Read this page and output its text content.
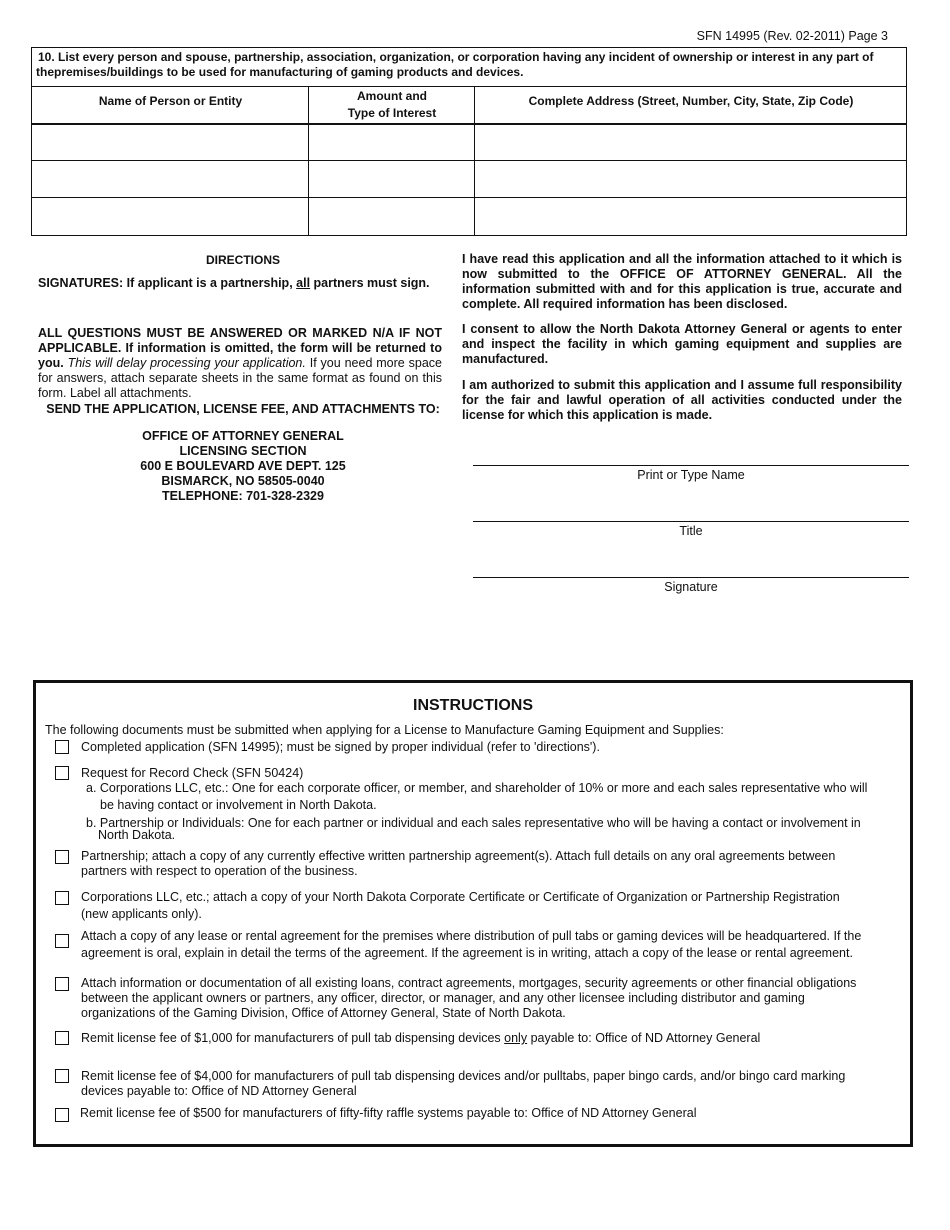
SFN 14995 (Rev. 02-2011) Page 3
10. List every person and spouse, partnership, association, organization, or corporation having any incident of ownership or interest in any part of
thepremises/buildings to be used for manufacturing of gaming products and devices.
Name of Person or Entity	Amount and
Type of Interest
Complete Address (Street, Number, City, State, Zip Code)
DIRECTIONS
SIGNATURES: If applicant is a partnership, all partners must sign.
ALL QUESTIONS MUST BE ANSWERED OR MARKED N/A IF NOT APPLICABLE. If information is omitted, the form will be returned to you. This will delay processing your application. If you need more space for answers, attach separate sheets in the same format as found on this form. Label all attachments.
SEND THE APPLICATION, LICENSE FEE, AND ATTACHMENTS TO:
OFFICE OF ATTORNEY GENERAL
LICENSING SECTION
600 E BOULEVARD AVE DEPT. 125
BISMARCK, NO 58505-0040
TELEPHONE: 701-328-2329
I have read this application and all the information attached to it which is now submitted to the OFFICE OF ATTORNEY GENERAL. All the information submitted with and for this application is true, accurate and complete. All required information has been disclosed.
I consent to allow the North Dakota Attorney General or agents to enter and inspect the facility in which gaming equipment and supplies are manufactured.
I am authorized to submit this application and I assume full responsibility for the fair and lawful operation of all activities conducted under the license for which this application is made.
Print or Type Name
Title
Signature
INSTRUCTIONS
The following documents must be submitted when applying for a License to Manufacture Gaming Equipment and Supplies:
Completed application (SFN 14995); must be signed by proper individual (refer to 'directions').
Request for Record Check (SFN 50424)
a. Corporations LLC, etc.: One for each corporate officer, or member, and shareholder of 10% or more and each sales representative who will
be having contact or involvement in North Dakota.
b. Partnership or Individuals: One for each partner or individual and each sales representative who will be having a contact or involvement in
North Dakota.
Partnership; attach a copy of any currently effective written partnership agreement(s). Attach full details on any oral agreements between partners with respect to operation of the business.
Corporations LLC, etc.; attach a copy of your North Dakota Corporate Certificate or Certificate of Organization or Partnership Registration
(new applicants only).
Attach a copy of any lease or rental agreement for the premises where distribution of pull tabs or gaming devices will be headquartered. If the
agreement is oral, explain in detail the terms of the agreement. If the agreement is in writing, attach a copy of the lease or rental agreement.
Attach information or documentation of all existing loans, contract agreements, mortgages, security agreements or other financial obligations between the applicant owners or partners, any officer, director, or manager, and any other licensee including distributor and gaming organizations of the Gaming Division, Office of Attorney General, State of North Dakota.
Remit license fee of $1,000 for manufacturers of pull tab dispensing devices only payable to: Office of ND Attorney General
Remit license fee of $4,000 for manufacturers of pull tab dispensing devices and/or pulltabs, paper bingo cards, and/or bingo card marking devices payable to: Office of ND Attorney General
Remit license fee of $500 for manufacturers of fifty-fifty raffle systems payable to: Office of ND Attorney General
